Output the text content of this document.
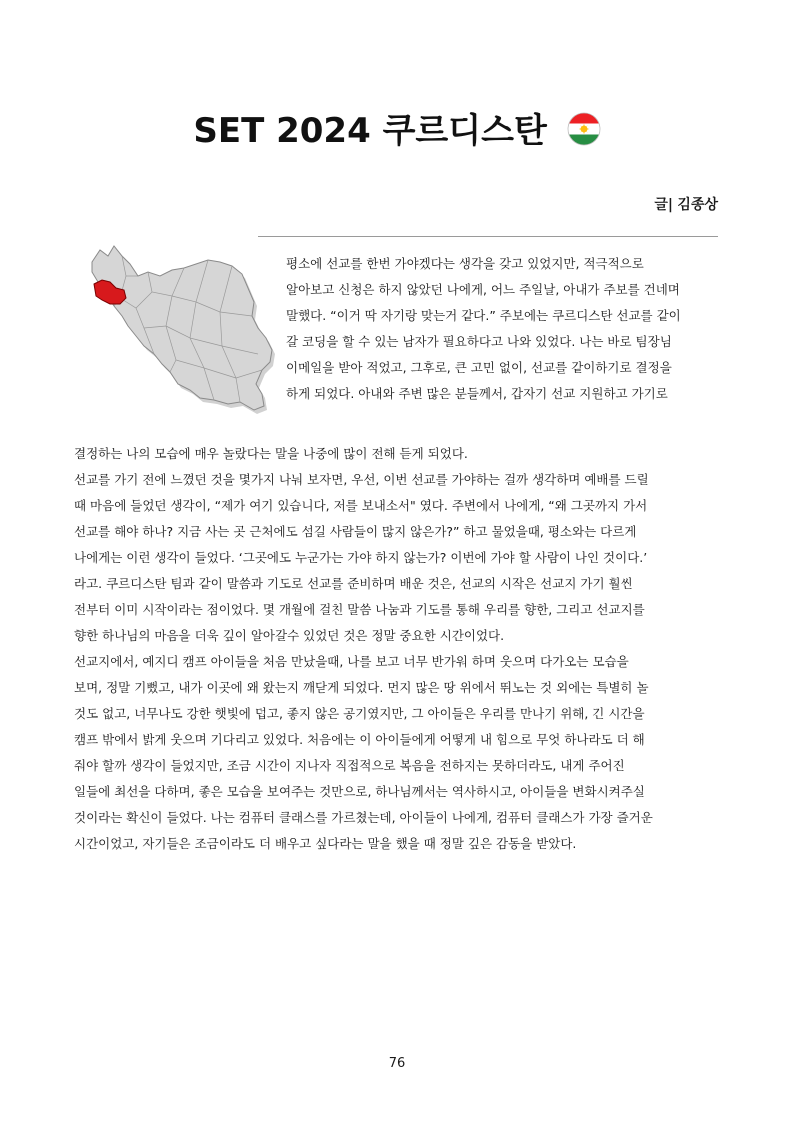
SET 2024 쿠르디스탄
글| 김종상
평소에 선교를 한번 가야겠다는 생각을 갖고 있었지만, 적극적으로
알아보고 신청은 하지 않았던 나에게, 어느 주일날, 아내가 주보를 건네며
말했다. “이거 딱 자기랑 맞는거 같다.” 주보에는 쿠르디스탄 선교를 같이
갈 코딩을 할 수 있는 남자가 필요하다고 나와 있었다. 나는 바로 팀장님
이메일을 받아 적었고, 그후로, 큰 고민 없이, 선교를 같이하기로 결정을
하게 되었다. 아내와 주변 많은 분들께서, 갑자기 선교 지원하고 가기로
결정하는 나의 모습에 매우 놀랐다는 말을 나중에 많이 전해 듣게 되었다.
선교를 가기 전에 느꼈던 것을 몇가지 나눠 보자면, 우선, 이번 선교를 가야하는 걸까 생각하며 예배를 드릴
때 마음에 들었던 생각이, “제가 여기 있습니다, 저를 보내소서" 였다. 주변에서 나에게, “왜 그곳까지 가서
선교를 해야 하나? 지금 사는 곳 근처에도 섬길 사람들이 많지 않은가?” 하고 물었을때, 평소와는 다르게
나에게는 이런 생각이 들었다. ‘그곳에도 누군가는 가야 하지 않는가? 이번에 가야 할 사람이 나인 것이다.’
라고. 쿠르디스탄 팀과 같이 말씀과 기도로 선교를 준비하며 배운 것은, 선교의 시작은 선교지 가기 훨씬
전부터 이미 시작이라는 점이었다. 몇 개월에 걸친 말씀 나눔과 기도를 통해 우리를 향한, 그리고 선교지를
향한 하나님의 마음을 더욱 깊이 알아갈수 있었던 것은 정말 중요한 시간이었다.
선교지에서, 예지디 캠프 아이들을 처음 만났을때, 나를 보고 너무 반가워 하며 웃으며 다가오는 모습을
보며, 정말 기뻤고, 내가 이곳에 왜 왔는지 깨닫게 되었다. 먼지 많은 땅 위에서 뛰노는 것 외에는 특별히 놀
것도 없고, 너무나도 강한 햇빛에 덥고, 좋지 않은 공기였지만, 그 아이들은 우리를 만나기 위해, 긴 시간을
캠프 밖에서 밝게 웃으며 기다리고 있었다. 처음에는 이 아이들에게 어떻게 내 힘으로 무엇 하나라도 더 해
줘야 할까 생각이 들었지만, 조금 시간이 지나자 직접적으로 복음을 전하지는 못하더라도, 내게 주어진
일들에 최선을 다하며, 좋은 모습을 보여주는 것만으로, 하나님께서는 역사하시고, 아이들을 변화시켜주실
것이라는 확신이 들었다. 나는 컴퓨터 클래스를 가르쳤는데, 아이들이 나에게, 컴퓨터 클래스가 가장 즐거운
시간이었고, 자기들은 조금이라도 더 배우고 싶다라는 말을 했을 때 정말 깊은 감동을 받았다.
76
